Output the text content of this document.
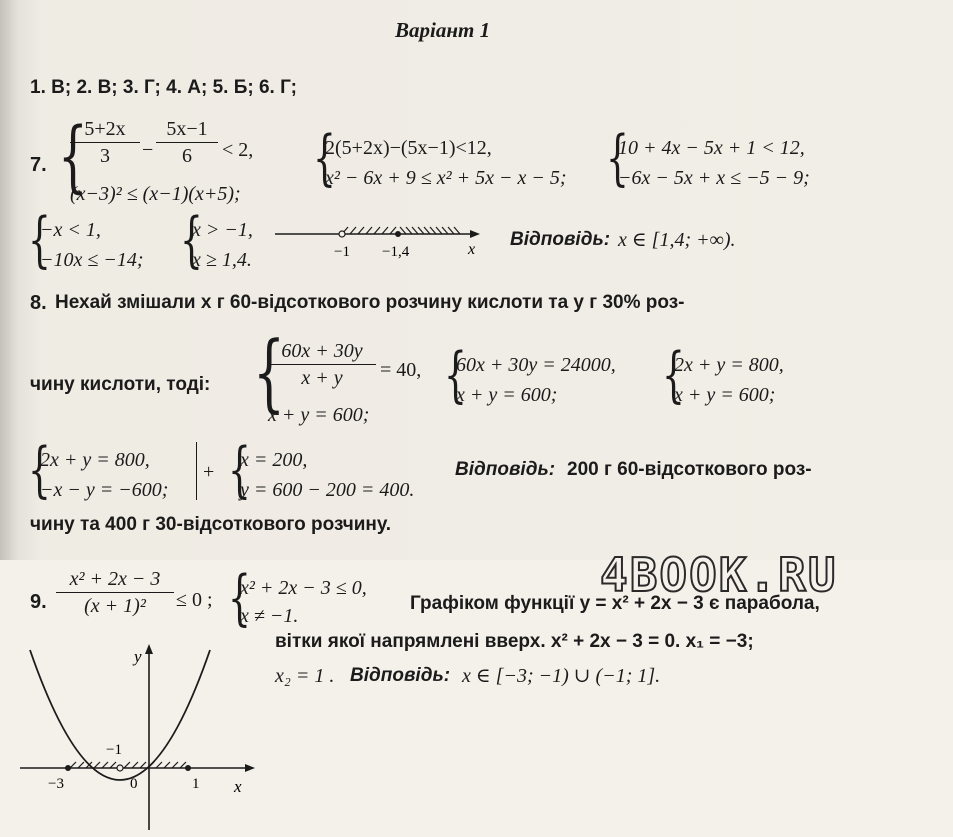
Варіант 1
1. В; 2. В; 3. Г; 4. А; 5. Б; 6. Г;
7. {
5+2x
3	−
5x−1
6	< 2,
(x−3)² ≤ (x−1)(x+5);
{
2(5+2x)−(5x−1)<12,
x² − 6x + 9 ≤ x² + 5x − x − 5; {
10 + 4x − 5x + 1 < 12,
−6x − 5x + x ≤ −5 − 9;
{
−x < 1,
−10x ≤ −14; {
x > −1,
x ≥ 1,4.	−1 −1,4	x Відповідь: x ∈ [1,4; +∞).
8. Нехай змішали x г 60-відсоткового розчину кислоти та y г 30% роз-
чину кислоти, тоді: {
60x + 30y
x + y	= 40,
x + y = 600;
{
60x + 30y = 24000,
x + y = 600; {
2x + y = 800,
x + y = 600;
{
2x + y = 800,
−x − y = −600;
+ {
x = 200,
y = 600 − 200 = 400.
Відповідь: 200 г 60-відсоткового роз-
чину та 400 г 30-відсоткового розчину.
4BOOK.RU
9.
x² + 2x − 3
(x + 1)²	≤ 0 ; {
x² + 2x − 3 ≤ 0,
x ≠ −1.
Графіком функції y = x² + 2x − 3 є парабола,
вітки якої напрямлені вверх. x² + 2x − 3 = 0. x₁ = −3;
x₂ = 1 . Відповідь: x ∈ [−3; −1) ∪ (−1; 1].
y
x
−1
−3	0	1
